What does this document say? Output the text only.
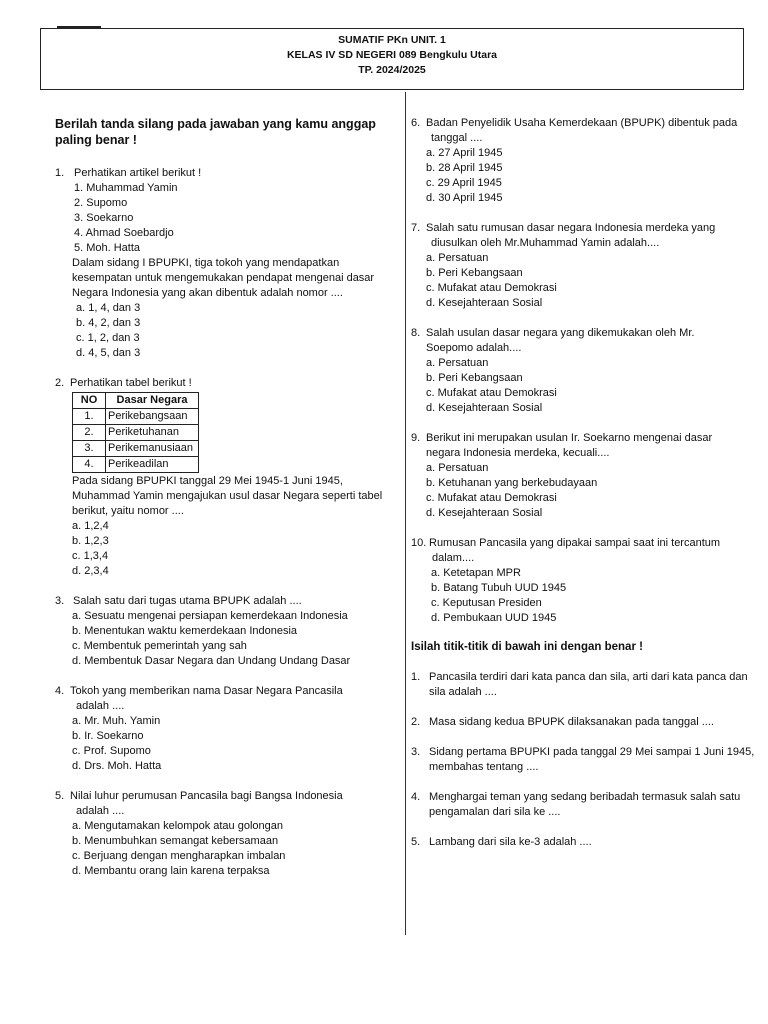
SUMATIF PKn UNIT. 1
KELAS IV SD NEGERI 089 Bengkulu Utara
TP. 2024/2025
Berilah tanda silang pada jawaban yang kamu anggap paling benar !
1. Perhatikan artikel berikut !
1. Muhammad Yamin
2. Supomo
3. Soekarno
4. Ahmad Soebardjo
5. Moh. Hatta
Dalam sidang I BPUPKI, tiga tokoh yang mendapatkan kesempatan untuk mengemukakan pendapat mengenai dasar Negara Indonesia yang akan dibentuk adalah nomor ....
a. 1, 4, dan 3
b. 4, 2, dan 3
c. 1, 2, dan 3
d. 4, 5, dan 3
2. Perhatikan tabel berikut !
NO	Dasar Negara
1.	Perikebangsaan
2.	Periketuhanan
3.	Perikemanusiaan
4.	Perikeadilan
Pada sidang BPUPKI tanggal 29 Mei 1945-1 Juni 1945, Muhammad Yamin mengajukan usul dasar Negara seperti tabel berikut, yaitu nomor ....
a. 1,2,4
b. 1,2,3
c. 1,3,4
d. 2,3,4
3. Salah satu dari tugas utama BPUPK adalah ....
a. Sesuatu mengenai persiapan kemerdekaan Indonesia
b. Menentukan waktu kemerdekaan Indonesia
c. Membentuk pemerintah yang sah
d. Membentuk Dasar Negara dan Undang Undang Dasar
4. Tokoh yang memberikan nama Dasar Negara Pancasila
adalah ....
a. Mr. Muh. Yamin
b. Ir. Soekarno
c. Prof. Supomo
d. Drs. Moh. Hatta
5. Nilai luhur perumusan Pancasila bagi Bangsa Indonesia
adalah ....
a. Mengutamakan kelompok atau golongan
b. Menumbuhkan semangat kebersamaan
c. Berjuang dengan mengharapkan imbalan
d. Membantu orang lain karena terpaksa
6. Badan Penyelidik Usaha Kemerdekaan (BPUPK) dibentuk pada
tanggal ....
a. 27 April 1945
b. 28 April 1945
c. 29 April 1945
d. 30 April 1945
7. Salah satu rumusan dasar negara Indonesia merdeka yang
diusulkan oleh Mr.Muhammad Yamin adalah....
a. Persatuan
b. Peri Kebangsaan
c. Mufakat atau Demokrasi
d. Kesejahteraan Sosial
8. Salah usulan dasar negara yang dikemukakan oleh Mr.
Soepomo adalah....
a. Persatuan
b. Peri Kebangsaan
c. Mufakat atau Demokrasi
d. Kesejahteraan Sosial
9. Berikut ini merupakan usulan Ir. Soekarno mengenai dasar
negara Indonesia merdeka, kecuali....
a. Persatuan
b. Ketuhanan yang berkebudayaan
c. Mufakat atau Demokrasi
d. Kesejahteraan Sosial
10. Rumusan Pancasila yang dipakai sampai saat ini tercantum
dalam....
a. Ketetapan MPR
b. Batang Tubuh UUD 1945
c. Keputusan Presiden
d. Pembukaan UUD 1945
Isilah titik-titik di bawah ini dengan benar !
1. Pancasila terdiri dari kata panca dan sila, arti dari kata panca dan sila adalah ....
2. Masa sidang kedua BPUPK dilaksanakan pada tanggal ....
3. Sidang pertama BPUPKI pada tanggal 29 Mei sampai 1 Juni 1945, membahas tentang ....
4. Menghargai teman yang sedang beribadah termasuk salah satu pengamalan dari sila ke ....
5. Lambang dari sila ke-3 adalah ....
